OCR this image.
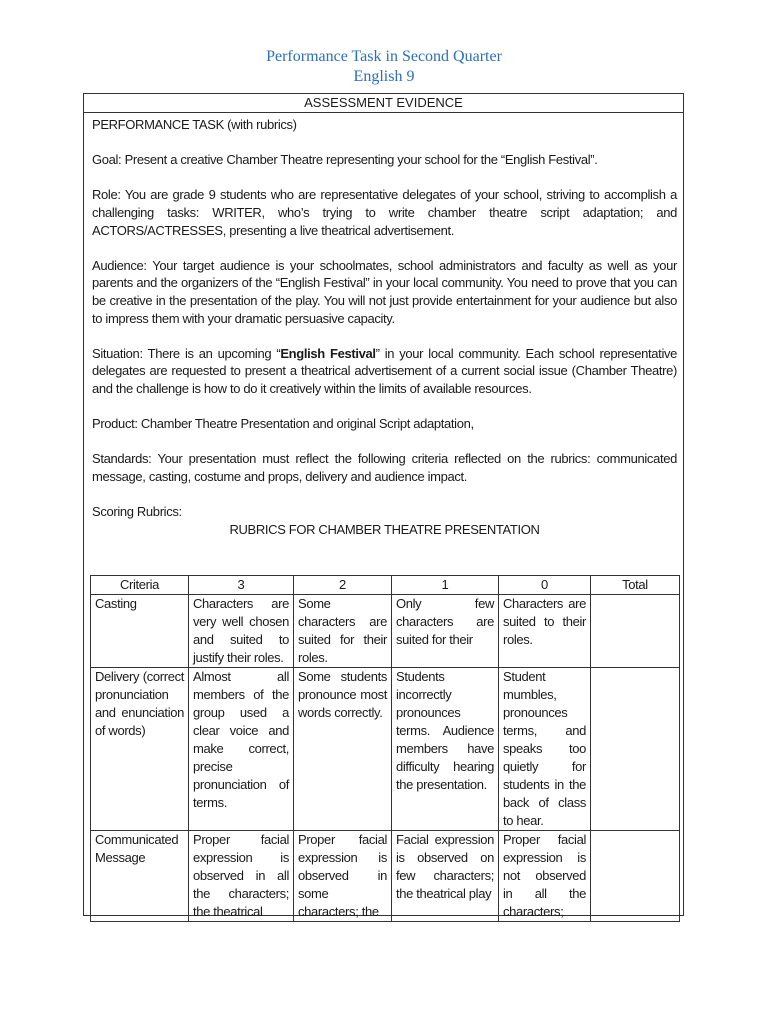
Performance Task in Second Quarter
English 9
ASSESSMENT EVIDENCE

PERFORMANCE TASK (with rubrics)

Goal: Present a creative Chamber Theatre representing your school for the “English Festival”.

Role: You are grade 9 students who are representative delegates of your school, striving to accomplish a challenging tasks: WRITER, who’s trying to write chamber theatre script adaptation; and ACTORS/ACTRESSES, presenting a live theatrical advertisement.

Audience: Your target audience is your schoolmates, school administrators and faculty as well as your parents and the organizers of the “English Festival” in your local community. You need to prove that you can be creative in the presentation of the play. You will not just provide entertainment for your audience but also to impress them with your dramatic persuasive capacity.

Situation: There is an upcoming “English Festival” in your local community. Each school representative delegates are requested to present a theatrical advertisement of a current social issue (Chamber Theatre) and the challenge is how to do it creatively within the limits of available resources.

Product: Chamber Theatre Presentation and original Script adaptation,

Standards: Your presentation must reflect the following criteria reflected on the rubrics: communicated message, casting, costume and props, delivery and audience impact.

Scoring Rubrics:

RUBRICS FOR CHAMBER THEATRE PRESENTATION
Criteria	3	2	1	0	Total
Casting	Characters are very well chosen and suited to justify their roles.	Some characters are suited for their roles.	Only few characters are suited for their	Characters are suited to their roles.	
Delivery (correct pronunciation and enunciation of words)	Almost all members of the group used a clear voice and make correct, precise pronunciation of terms.	Some students pronounce most words correctly.	Students incorrectly pronounces terms. Audience members have difficulty hearing the presentation.	Student mumbles, pronounces terms, and speaks too quietly for students in the back of class to hear.	
Communicated Message	Proper facial expression is observed in all the characters; the theatrical	Proper facial expression is observed in some characters; the	Facial expression is observed on few characters; the theatrical play	Proper facial expression is not observed in all the characters;	
